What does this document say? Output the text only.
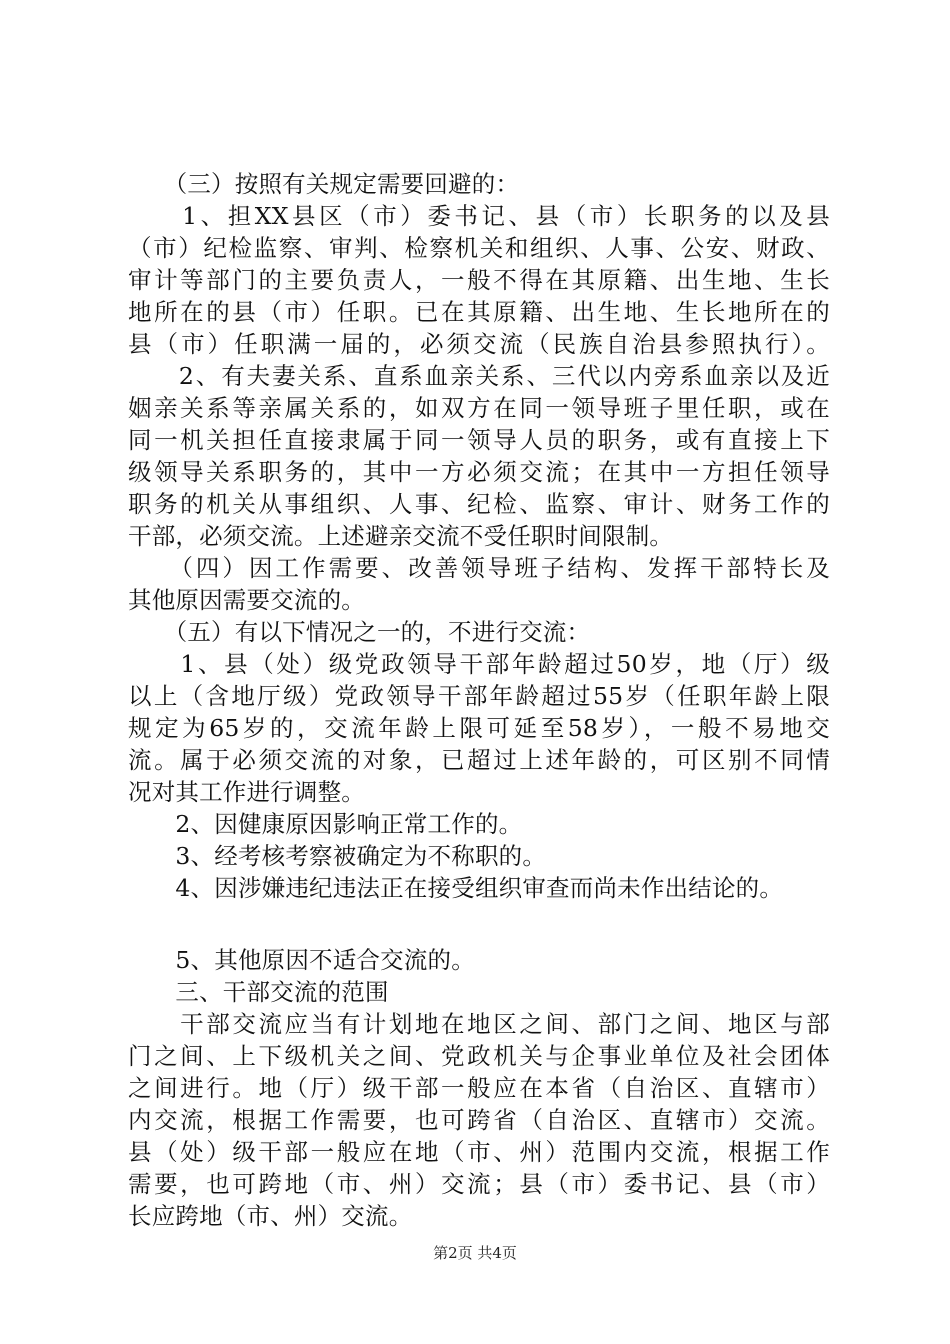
　　（三）按照有关规定需要回避的：
　　1、担XX县区（市）委书记、县（市）长职务的以及县
（市）纪检监察、审判、检察机关和组织、人事、公安、财政、
审计等部门的主要负责人，一般不得在其原籍、出生地、生长
地所在的县（市）任职。已在其原籍、出生地、生长地所在的
县（市）任职满一届的，必须交流（民族自治县参照执行）。
　　2、有夫妻关系、直系血亲关系、三代以内旁系血亲以及近
姻亲关系等亲属关系的，如双方在同一领导班子里任职，或在
同一机关担任直接隶属于同一领导人员的职务，或有直接上下
级领导关系职务的，其中一方必须交流；在其中一方担任领导
职务的机关从事组织、人事、纪检、监察、审计、财务工作的
干部，必须交流。上述避亲交流不受任职时间限制。
　　（四）因工作需要、改善领导班子结构、发挥干部特长及
其他原因需要交流的。
　　（五）有以下情况之一的，不进行交流：
　　1、县（处）级党政领导干部年龄超过50岁，地（厅）级
以上（含地厅级）党政领导干部年龄超过55岁（任职年龄上限
规定为65岁的，交流年龄上限可延至58岁），一般不易地交
流。属于必须交流的对象，已超过上述年龄的，可区别不同情
况对其工作进行调整。
　　2、因健康原因影响正常工作的。
　　3、经考核考察被确定为不称职的。
　　4、因涉嫌违纪违法正在接受组织审查而尚未作出结论的。
　　5、其他原因不适合交流的。
　　三、干部交流的范围
　　干部交流应当有计划地在地区之间、部门之间、地区与部
门之间、上下级机关之间、党政机关与企事业单位及社会团体
之间进行。地（厅）级干部一般应在本省（自治区、直辖市）
内交流，根据工作需要，也可跨省（自治区、直辖市）交流。
县（处）级干部一般应在地（市、州）范围内交流，根据工作
需要，也可跨地（市、州）交流；县（市）委书记、县（市）
长应跨地（市、州）交流。
第2页 共4页
